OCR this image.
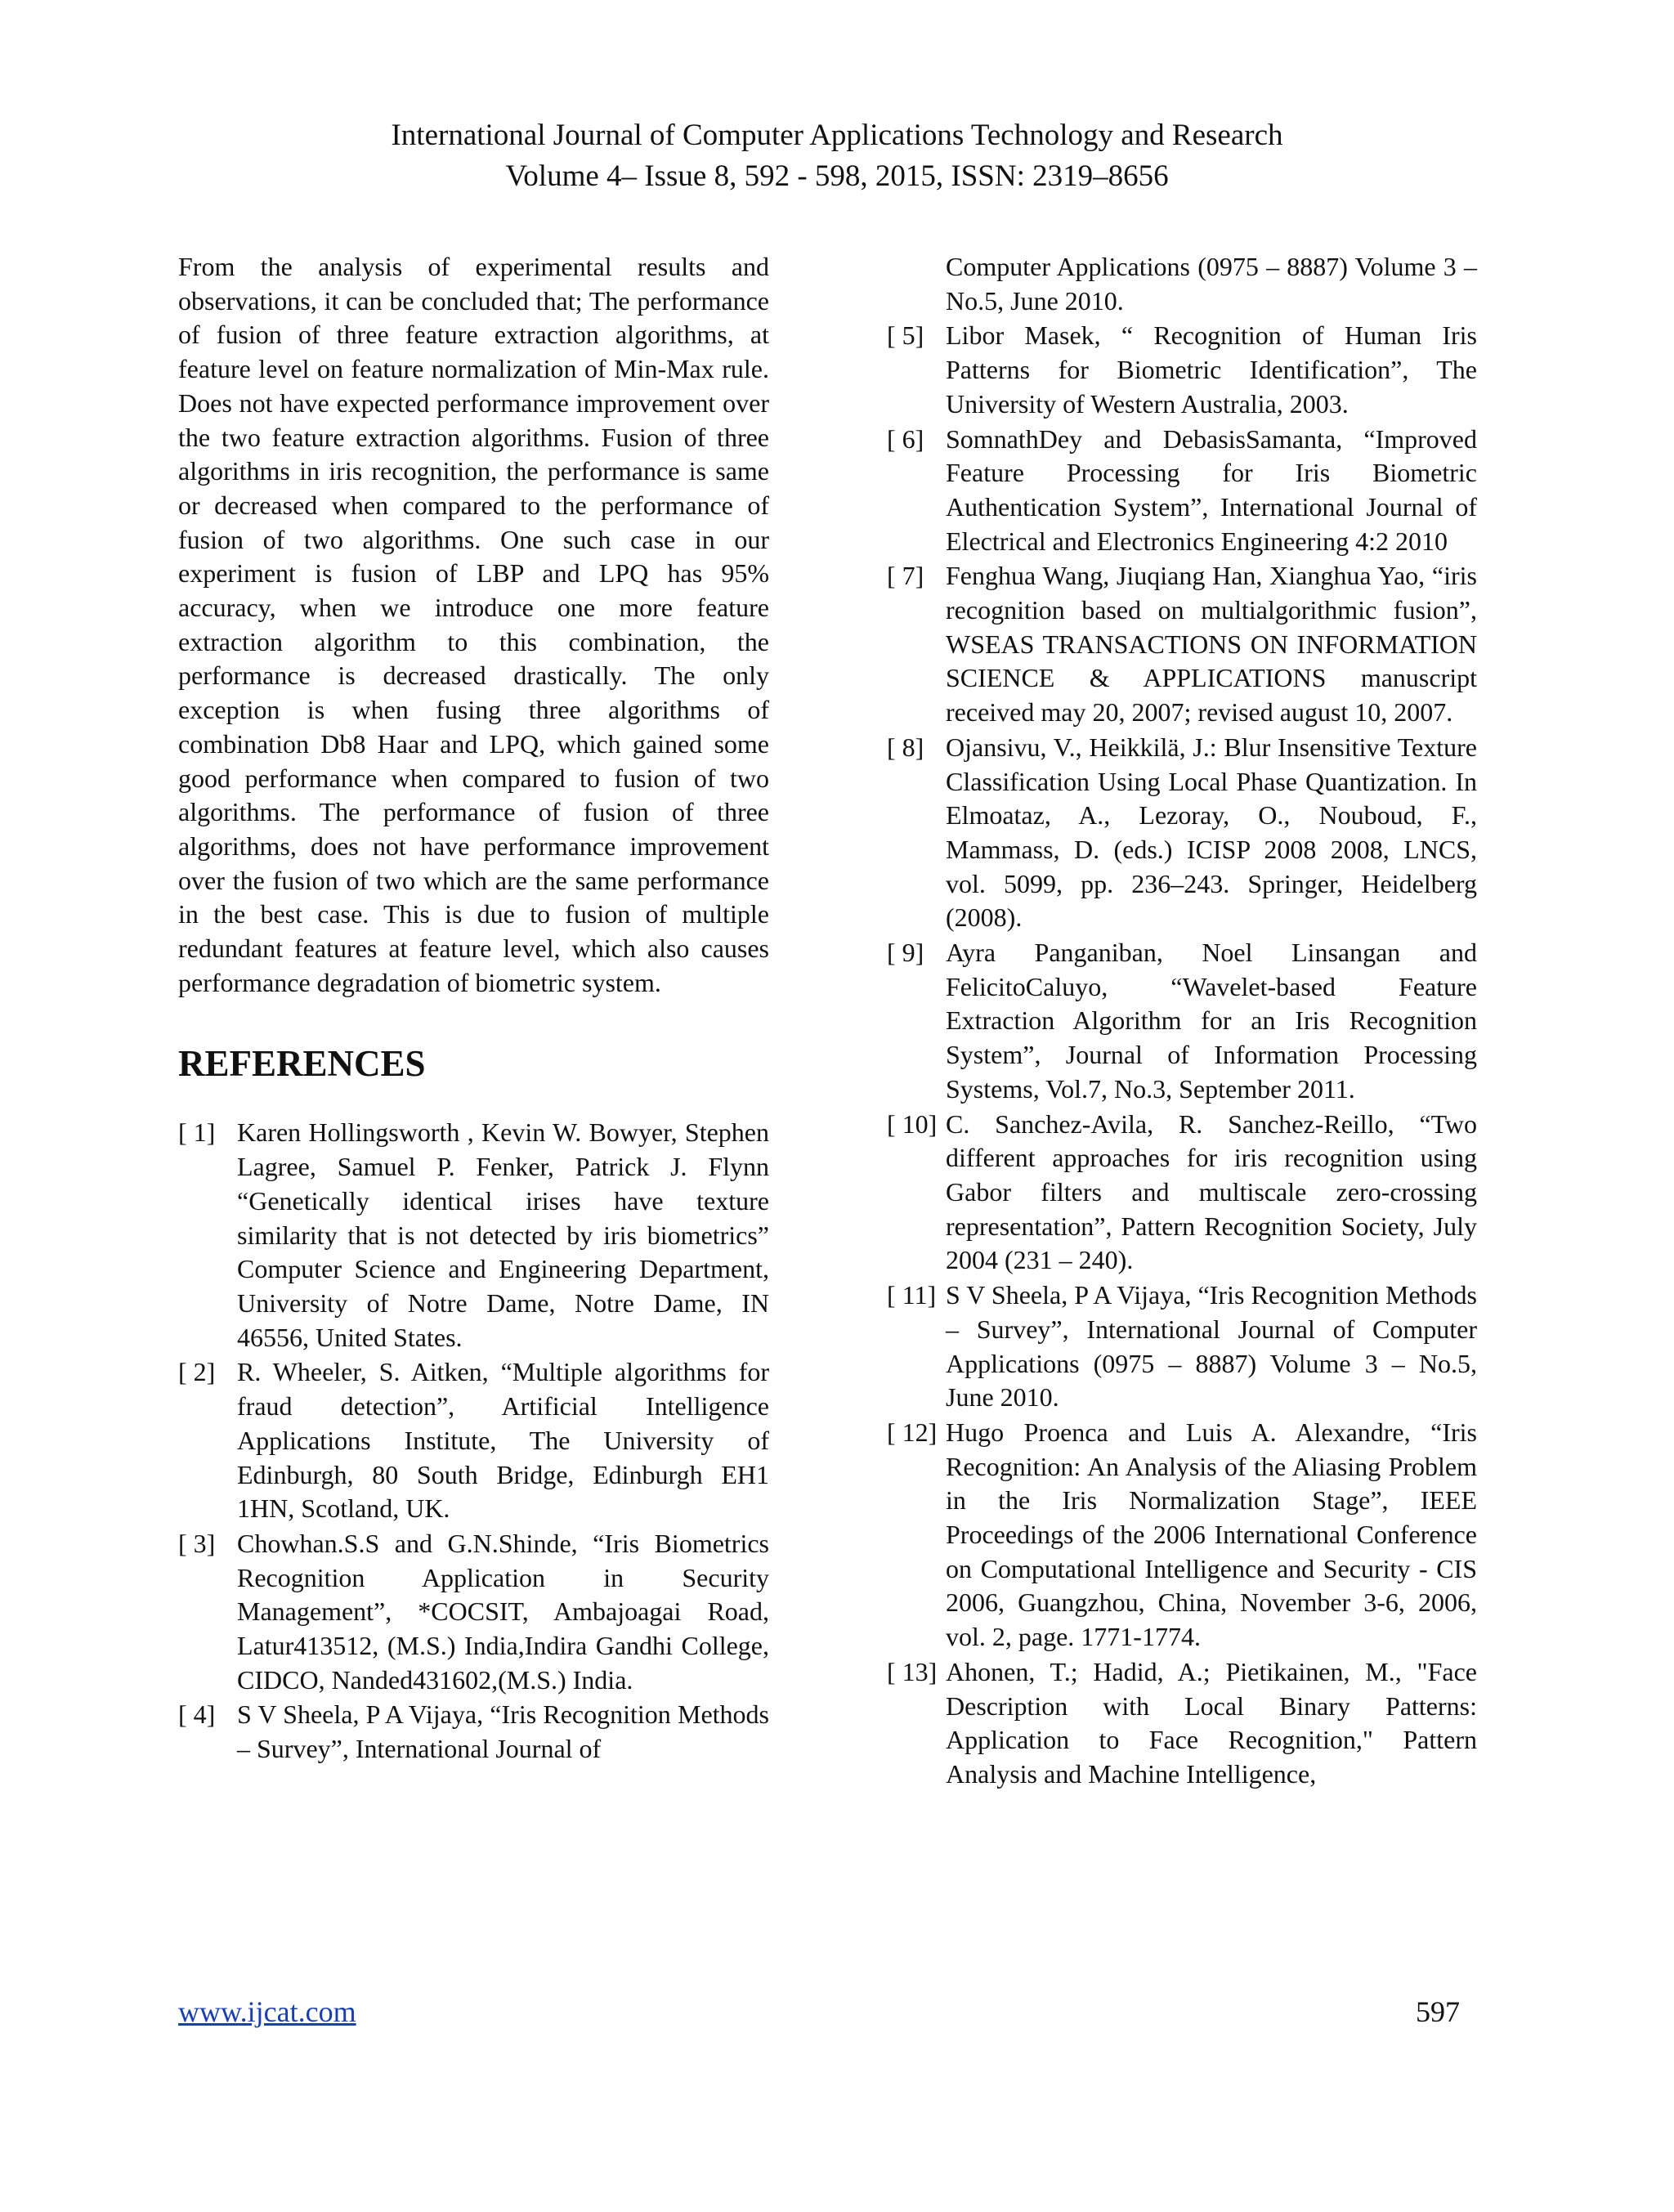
International Journal of Computer Applications Technology and Research
Volume 4– Issue 8, 592 - 598, 2015, ISSN: 2319–8656

From the analysis of experimental results and observations, it can be concluded that; The performance of fusion of three feature extraction algorithms, at feature level on feature normalization of Min-Max rule. Does not have expected performance improvement over the two feature extraction algorithms. Fusion of three algorithms in iris recognition, the performance is same or decreased when compared to the performance of fusion of two algorithms. One such case in our experiment is fusion of LBP and LPQ has 95% accuracy, when we introduce one more feature extraction algorithm to this combination, the performance is decreased drastically. The only exception is when fusing three algorithms of combination Db8 Haar and LPQ, which gained some good performance when compared to fusion of two algorithms. The performance of fusion of three algorithms, does not have performance improvement over the fusion of two which are the same performance in the best case. This is due to fusion of multiple redundant features at feature level, which also causes performance degradation of biometric system.

REFERENCES
[ 1] Karen Hollingsworth , Kevin W. Bowyer, Stephen Lagree, Samuel P. Fenker, Patrick J. Flynn “Genetically identical irises have texture similarity that is not detected by iris biometrics” Computer Science and Engineering Department, University of Notre Dame, Notre Dame, IN 46556, United States.
[ 2] R. Wheeler, S. Aitken, “Multiple algorithms for fraud detection”, Artificial Intelligence Applications Institute, The University of Edinburgh, 80 South Bridge, Edinburgh EH1 1HN, Scotland, UK.
[ 3] Chowhan.S.S and G.N.Shinde, “Iris Biometrics Recognition Application in Security Management”, *COCSIT, Ambajoagai Road, Latur413512, (M.S.) India,Indira Gandhi College, CIDCO, Nanded431602,(M.S.) India.
[ 4] S V Sheela, P A Vijaya, “Iris Recognition Methods – Survey”, International Journal of
Computer Applications (0975 – 8887) Volume 3 – No.5, June 2010.
[ 5] Libor Masek, “ Recognition of Human Iris Patterns for Biometric Identification”, The University of Western Australia, 2003.
[ 6] SomnathDey and DebasisSamanta, “Improved Feature Processing for Iris Biometric Authentication System”, International Journal of Electrical and Electronics Engineering 4:2 2010
[ 7] Fenghua Wang, Jiuqiang Han, Xianghua Yao, “iris recognition based on multialgorithmic fusion”, WSEAS TRANSACTIONS ON INFORMATION SCIENCE & APPLICATIONS manuscript received may 20, 2007; revised august 10, 2007.
[ 8] Ojansivu, V., Heikkilä, J.: Blur Insensitive Texture Classification Using Local Phase Quantization. In Elmoataz, A., Lezoray, O., Nouboud, F., Mammass, D. (eds.) ICISP 2008 2008, LNCS, vol. 5099, pp. 236–243. Springer, Heidelberg (2008).
[ 9] Ayra Panganiban, Noel Linsangan and FelicitoCaluyo, “Wavelet-based Feature Extraction Algorithm for an Iris Recognition System”, Journal of Information Processing Systems, Vol.7, No.3, September 2011.
[ 10] C. Sanchez-Avila, R. Sanchez-Reillo, “Two different approaches for iris recognition using Gabor filters and multiscale zero-crossing representation”, Pattern Recognition Society, July 2004 (231 – 240).
[ 11] S V Sheela, P A Vijaya, “Iris Recognition Methods – Survey”, International Journal of Computer Applications (0975 – 8887) Volume 3 – No.5, June 2010.
[ 12] Hugo Proenca and Luis A. Alexandre, “Iris Recognition: An Analysis of the Aliasing Problem in the Iris Normalization Stage”, IEEE Proceedings of the 2006 International Conference on Computational Intelligence and Security - CIS 2006, Guangzhou, China, November 3-6, 2006, vol. 2, page. 1771-1774.
[ 13] Ahonen, T.; Hadid, A.; Pietikainen, M., "Face Description with Local Binary Patterns: Application to Face Recognition," Pattern Analysis and Machine Intelligence,
www.ijcat.com	597
